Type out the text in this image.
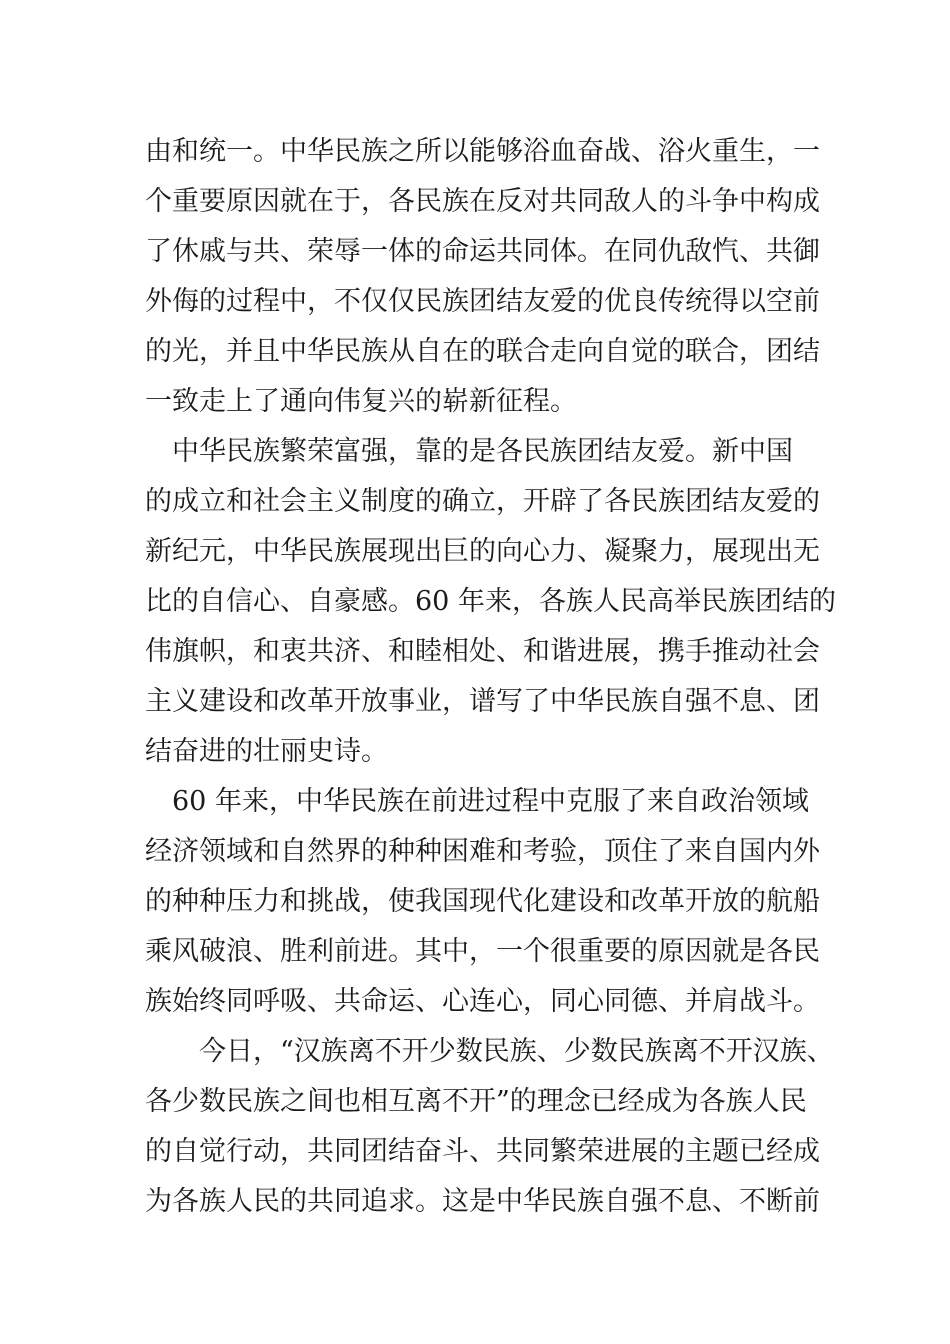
由和统一。中华民族之所以能够浴血奋战、浴火重生，一
个重要原因就在于，各民族在反对共同敌人的斗争中构成
了休戚与共、荣辱一体的命运共同体。在同仇敌忾、共御
外侮的过程中，不仅仅民族团结友爱的优良传统得以空前
的光，并且中华民族从自在的联合走向自觉的联合，团结
一致走上了通向伟复兴的崭新征程。
　中华民族繁荣富强，靠的是各民族团结友爱。新中国
的成立和社会主义制度的确立，开辟了各民族团结友爱的
新纪元，中华民族展现出巨的向心力、凝聚力，展现出无
比的自信心、自豪感。60 年来，各族人民高举民族团结的
伟旗帜，和衷共济、和睦相处、和谐进展，携手推动社会
主义建设和改革开放事业，谱写了中华民族自强不息、团
结奋进的壮丽史诗。
　60 年来，中华民族在前进过程中克服了来自政治领域
经济领域和自然界的种种困难和考验，顶住了来自国内外
的种种压力和挑战，使我国现代化建设和改革开放的航船
乘风破浪、胜利前进。其中，一个很重要的原因就是各民
族始终同呼吸、共命运、心连心，同心同德、并肩战斗。
　　今日，“汉族离不开少数民族、少数民族离不开汉族、
各少数民族之间也相互离不开”的理念已经成为各族人民
的自觉行动，共同团结奋斗、共同繁荣进展的主题已经成
为各族人民的共同追求。这是中华民族自强不息、不断前
